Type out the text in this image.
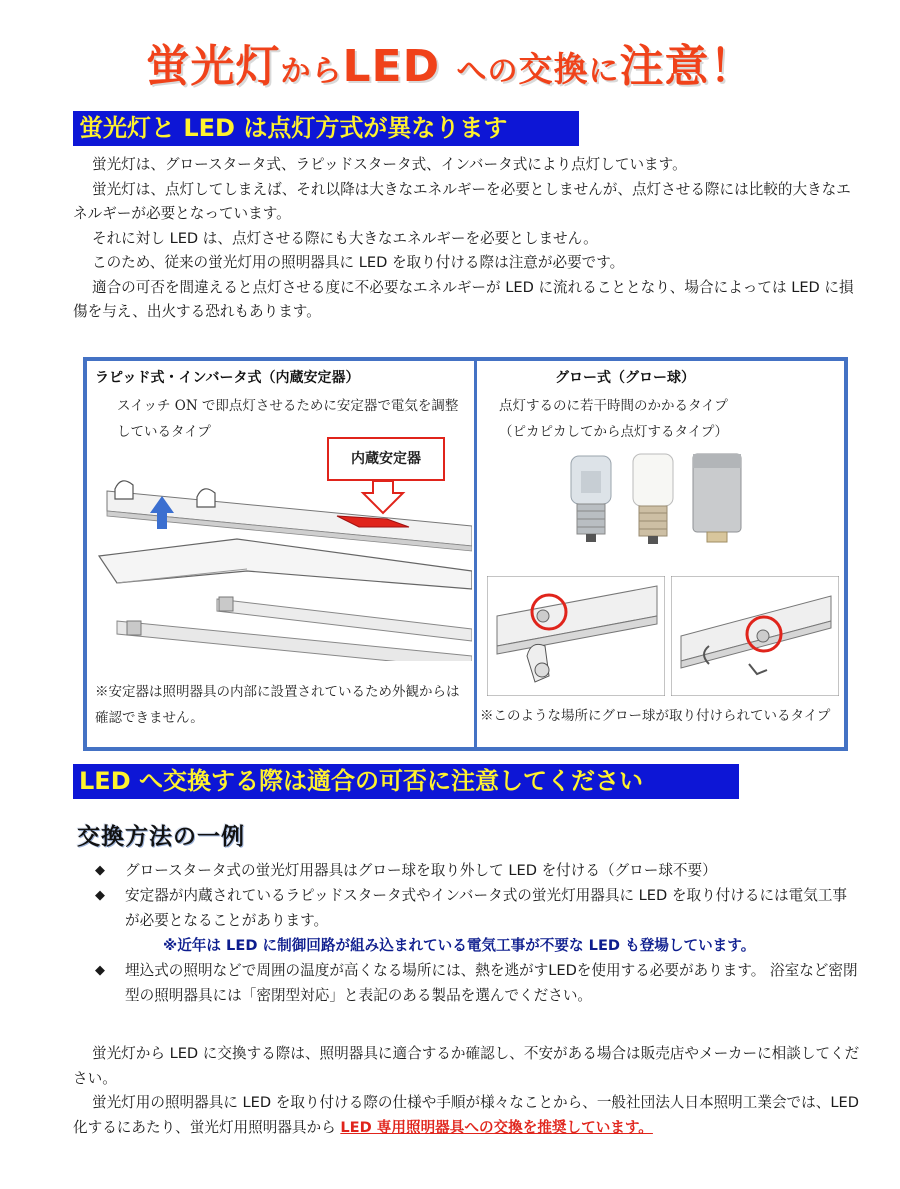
蛍光灯からLED への交換に注意！
蛍光灯と LED は点灯方式が異なります

蛍光灯は、グロースタータ式、ラピッドスタータ式、インバータ式により点灯しています。

蛍光灯は、点灯してしまえば、それ以降は大きなエネルギーを必要としませんが、点灯させる際には比較的大きなエネルギーが必要となっています。

それに対し LED は、点灯させる際にも大きなエネルギーを必要としません。

このため、従来の蛍光灯用の照明器具に LED を取り付ける際は注意が必要です。

適合の可否を間違えると点灯させる度に不必要なエネルギーが LED に流れることとなり、場合によっては LED に損傷を与え、出火する恐れもあります。

ラピッド式・インバータ式（内蔵安定器）
スイッチ ON で即点灯させるために安定器で電気を調整しているタイプ
内蔵安定器
※安定器は照明器具の内部に設置されているため外観からは確認できません。
グロー式（グロー球）
点灯するのに若干時間のかかるタイプ
（ピカピカしてから点灯するタイプ）
※このような場所にグロー球が取り付けられているタイプ
LED へ交換する際は適合の可否に注意してください
交換方法の一例
◆ グロースタータ式の蛍光灯用器具はグロー球を取り外して LED を付ける（グロー球不要）
◆ 安定器が内蔵されているラピッドスタータ式やインバータ式の蛍光灯用器具に LED を取り付けるには電気工事が必要となることがあります。
※近年は LED に制御回路が組み込まれている電気工事が不要な LED も登場しています。
◆ 埋込式の照明などで周囲の温度が高くなる場所には、熱を逃がすLEDを使用する必要があります。 浴室など密閉型の照明器具には「密閉型対応」と表記のある製品を選んでください。

蛍光灯から LED に交換する際は、照明器具に適合するか確認し、不安がある場合は販売店やメーカーに相談してください。

蛍光灯用の照明器具に LED を取り付ける際の仕様や手順が様々なことから、一般社団法人日本照明工業会では、LED 化するにあたり、蛍光灯用照明器具から LED 専用照明器具への交換を推奨しています。
